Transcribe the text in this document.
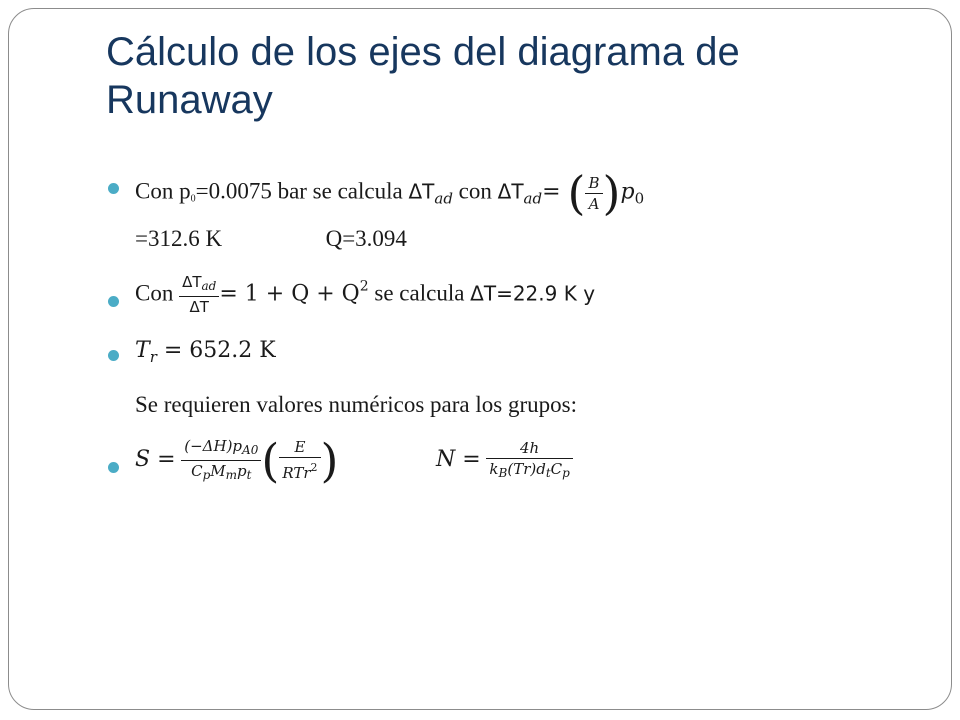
Cálculo de los ejes del diagrama de Runaway
Con p0=0.0075 bar se calcula $\Delta T_{ad}$ con $\Delta T_{ad}=$ ( $\frac{B}{A} )p_0$
=312.6 K	Q=3.094
Con $\frac{\Delta T_{ad}}{\Delta T} = 1 + Q + Q^2$ se calcula ΔT=22.9 K y
$T_r = 652.2$ K
Se requieren valores numéricos para los grupos:
$S = \frac{(-\Delta H)p_{A0}}{C_pM_mp_t}$ ( $\frac{E}{RTr^2}$ )	$N = \frac{4h}{k_B(Tr)d_tC_p}$
